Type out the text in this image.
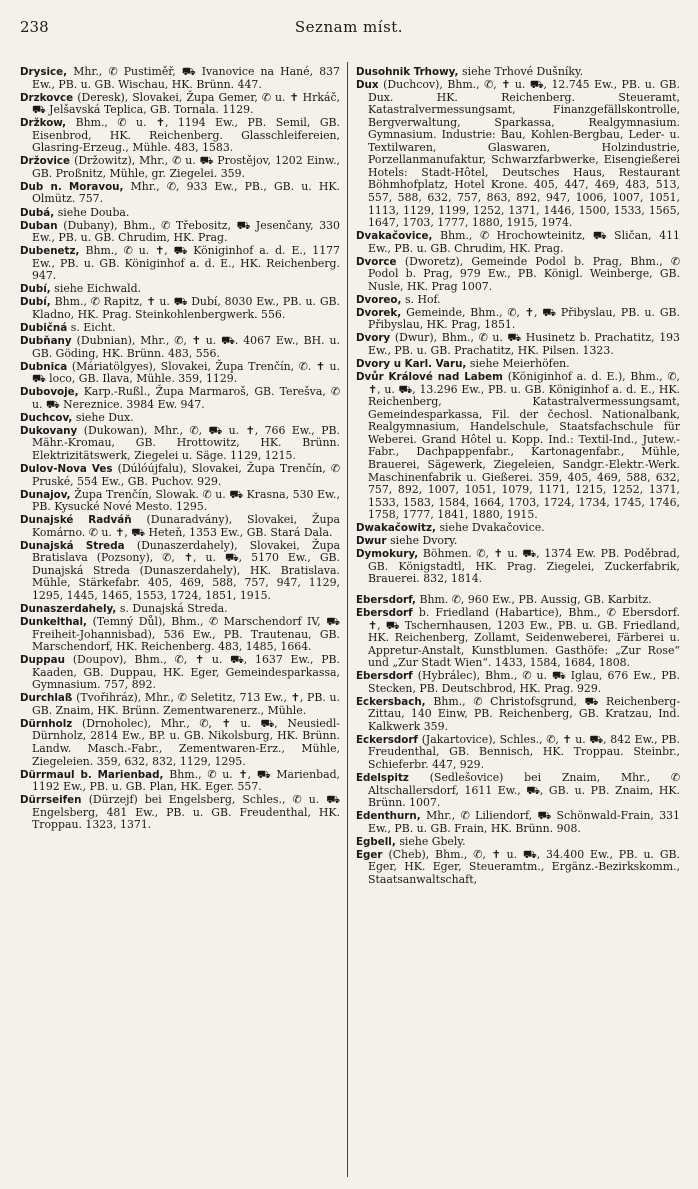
238	Seznam míst.

Drysice, Mhr., ✆ Pustiměř, ⛟ Ivanovice na Hané, 837 Ew., PB. u. GB. Wischau, HK. Brünn. 447.

Drzkovce (Deresk), Slovakei, Župa Gemer, ✆ u. ✝ Hrkáč, ⛟ Jelšavská Teplica, GB. Tornala. 1129.

Držkow, Bhm., ✆ u. ✝, 1194 Ew., PB. Semil, GB. Eisenbrod, HK. Reichenberg. Glasschleifereien, Glasring-Erzeug., Mühle. 483, 1583.

Držovice (Držowitz), Mhr., ✆ u. ⛟ Prostějov, 1202 Einw., GB. Proßnitz, Mühle, gr. Ziegelei. 359.

Dub n. Moravou, Mhr., ✆, 933 Ew., PB., GB. u. HK. Olmütz. 757.

Dubá, siehe Douba.

Duban (Dubany), Bhm., ✆ Třebositz, ⛟ Jesenčany, 330 Ew., PB. u. GB. Chrudim, HK. Prag.

Dubenetz, Bhm., ✆ u. ✝, ⛟ Königinhof a. d. E., 1177 Ew., PB. u. GB. Königinhof a. d. E., HK. Reichenberg. 947.

Dubí, siehe Eichwald.

Dubí, Bhm., ✆ Rapitz, ✝ u. ⛟ Dubí, 8030 Ew., PB. u. GB. Kladno, HK. Prag. Steinkohlenbergwerk. 556.

Dubičná s. Eicht.

Dubňany (Dubnian), Mhr., ✆, ✝ u. ⛟. 4067 Ew., BH. u. GB. Göding, HK. Brünn. 483, 556.

Dubnica (Máriatölgyes), Slovakei, Župa Trenčín, ✆. ✝ u. ⛟ loco, GB. Ilava, Mühle. 359, 1129.

Dubovoje, Karp.-Rußl., Župa Marmaroš, GB. Terešva, ✆ u. ⛟ Nereznice. 3984 Ew. 947.

Duchcov, siehe Dux.

Dukovany (Dukowan), Mhr., ✆, ⛟ u. ✝, 766 Ew., PB. Mähr.-Kromau, GB. Hrottowitz, HK. Brünn. Elektrizitätswerk, Ziegelei u. Säge. 1129, 1215.

Dulov-Nova Ves (Dúlóújfalu), Slovakei, Župa Trenčín, ✆ Pruské, 554 Ew., GB. Puchov. 929.

Dunajov, Župa Trenčín, Slowak. ✆ u. ⛟ Krasna, 530 Ew., PB. Kysucké Nové Mesto. 1295.

Dunajské Radváň (Dunaradvány), Slovakei, Župa Komárno. ✆ u. ✝, ⛟ Heteň, 1353 Ew., GB. Stará Dala.

Dunajská Streda (Dunaszerdahely), Slovakei, Župa Bratislava (Pozsony), ✆, ✝, u. ⛟, 5170 Ew., GB. Dunajská Streda (Dunaszerdahely), HK. Bratislava. Mühle, Stärkefabr. 405, 469, 588, 757, 947, 1129, 1295, 1445, 1465, 1553, 1724, 1851, 1915.

Dunaszerdahely, s. Dunajská Streda.

Dunkelthal, (Temný Důl), Bhm., ✆ Marschendorf IV, ⛟ Freiheit-Johannisbad), 536 Ew., PB. Trautenau, GB. Marschendorf, HK. Reichenberg. 483, 1485, 1664.

Duppau (Doupov), Bhm., ✆, ✝ u. ⛟, 1637 Ew., PB. Kaaden, GB. Duppau, HK. Eger, Gemeindesparkassa, Gymnasium. 757, 892.

Durchlaß (Tvořihráz), Mhr., ✆ Seletitz, 713 Ew., ✝, PB. u. GB. Znaim, HK. Brünn. Zementwarenerz., Mühle.

Dürnholz (Drnoholec), Mhr., ✆, ✝ u. ⛟, Neusiedl-Dürnholz, 2814 Ew., BP. u. GB. Nikolsburg, HK. Brünn. Landw. Masch.-Fabr., Zementwaren-Erz., Mühle, Ziegeleien. 359, 632, 832, 1129, 1295.

Dürrmaul b. Marienbad, Bhm., ✆ u. ✝, ⛟ Marienbad, 1192 Ew., PB. u. GB. Plan, HK. Eger. 557.

Dürrseifen (Dürzejf) bei Engelsberg, Schles., ✆ u. ⛟ Engelsberg, 481 Ew., PB. u. GB. Freudenthal, HK. Troppau. 1323, 1371.

Dusohnik Trhowy, siehe Trhové Dušníky.

Dux (Duchcov), Bhm., ✆, ✝ u. ⛟, 12.745 Ew., PB. u. GB. Dux. HK. Reichenberg. Steueramt, Katastralvermessungsamt, Finanzgefällskontrolle, Bergverwaltung, Sparkassa, Realgymnasium. Gymnasium. Industrie: Bau, Kohlen-Bergbau, Leder- u. Textilwaren, Glaswaren, Holzindustrie, Porzellanmanufaktur, Schwarzfarbwerke, Eisengießerei Hotels: Stadt-Hôtel, Deutsches Haus, Restaurant Böhmhofplatz, Hotel Krone. 405, 447, 469, 483, 513, 557, 588, 632, 757, 863, 892, 947, 1006, 1007, 1051, 1113, 1129, 1199, 1252, 1371, 1446, 1500, 1533, 1565, 1647, 1703, 1777, 1880, 1915, 1974.

Dvakačovice, Bhm., ✆ Hrochowteinitz, ⛟ Sličan, 411 Ew., PB. u. GB. Chrudim, HK. Prag.

Dvorce (Dworetz), Gemeinde Podol b. Prag, Bhm., ✆ Podol b. Prag, 979 Ew., PB. Königl. Weinberge, GB. Nusle, HK. Prag 1007.

Dvoreo, s. Hof.

Dvorek, Gemeinde, Bhm., ✆, ✝, ⛟ Přibyslau, PB. u. GB. Přibyslau, HK. Prag, 1851.

Dvory (Dwur), Bhm., ✆ u. ⛟ Husinetz b. Prachatitz, 193 Ew., PB. u. GB. Prachatitz, HK. Pilsen. 1323.

Dvory u Karl. Varu, siehe Meierhöfen.

Dvůr Králové nad Labem (Königinhof a. d. E.), Bhm., ✆, ✝, u. ⛟, 13.296 Ew., PB. u. GB. Königinhof a. d. E., HK. Reichenberg, Katastralvermessungsamt, Gemeindesparkassa, Fil. der čechosl. Nationalbank, Realgymnasium, Handelschule, Staatsfachschule für Weberei. Grand Hôtel u. Kopp. Ind.: Textil-Ind., Jutew.-Fabr., Dachpappenfabr., Kartonagenfabr., Mühle, Brauerei, Sägewerk, Ziegeleien, Sandgr.-Elektr.-Werk. Maschinenfabrik u. Gießerei. 359, 405, 469, 588, 632, 757, 892, 1007, 1051, 1079, 1171, 1215, 1252, 1371, 1533, 1583, 1584, 1664, 1703, 1724, 1734, 1745, 1746, 1758, 1777, 1841, 1880, 1915.

Dwakačowitz, siehe Dvakačovice.

Dwur siehe Dvory.

Dymokury, Böhmen. ✆, ✝ u. ⛟, 1374 Ew. PB. Poděbrad, GB. Königstadtl, HK. Prag. Ziegelei, Zuckerfabrik, Brauerei. 832, 1814.

Ebersdorf, Bhm. ✆, 960 Ew., PB. Aussig, GB. Karbitz.

Ebersdorf b. Friedland (Habartice), Bhm., ✆ Ebersdorf. ✝, ⛟ Tschernhausen, 1203 Ew., PB. u. GB. Friedland, HK. Reichenberg, Zollamt, Seidenweberei, Färberei u. Appretur-Anstalt, Kunstblumen. Gasthöfe: „Zur Rose“ und „Zur Stadt Wien“. 1433, 1584, 1684, 1808.

Ebersdorf (Hybrálec), Bhm., ✆ u. ⛟ Iglau, 676 Ew., PB. Stecken, PB. Deutschbrod, HK. Prag. 929.

Eckersbach, Bhm., ✆ Christofsgrund, ⛟ Reichenberg-Zittau, 140 Einw, PB. Reichenberg, GB. Kratzau, Ind. Kalkwerk 359.

Eckersdorf (Jakartovice), Schles., ✆, ✝ u. ⛟, 842 Ew., PB. Freudenthal, GB. Bennisch, HK. Troppau. Steinbr., Schieferbr. 447, 929.

Edelspitz (Sedlešovice) bei Znaim, Mhr., ✆ Altschallersdorf, 1611 Ew., ⛟, GB. u. PB. Znaim, HK. Brünn. 1007.

Edenthurn, Mhr., ✆ Liliendorf, ⛟ Schönwald-Frain, 331 Ew., PB. u. GB. Frain, HK. Brünn. 908.

Egbell, siehe Gbely.

Eger (Cheb), Bhm., ✆, ✝ u. ⛟, 34.400 Ew., PB. u. GB. Eger, HK. Eger, Steueramtm., Ergänz.-Bezirkskomm., Staatsanwaltschaft,
